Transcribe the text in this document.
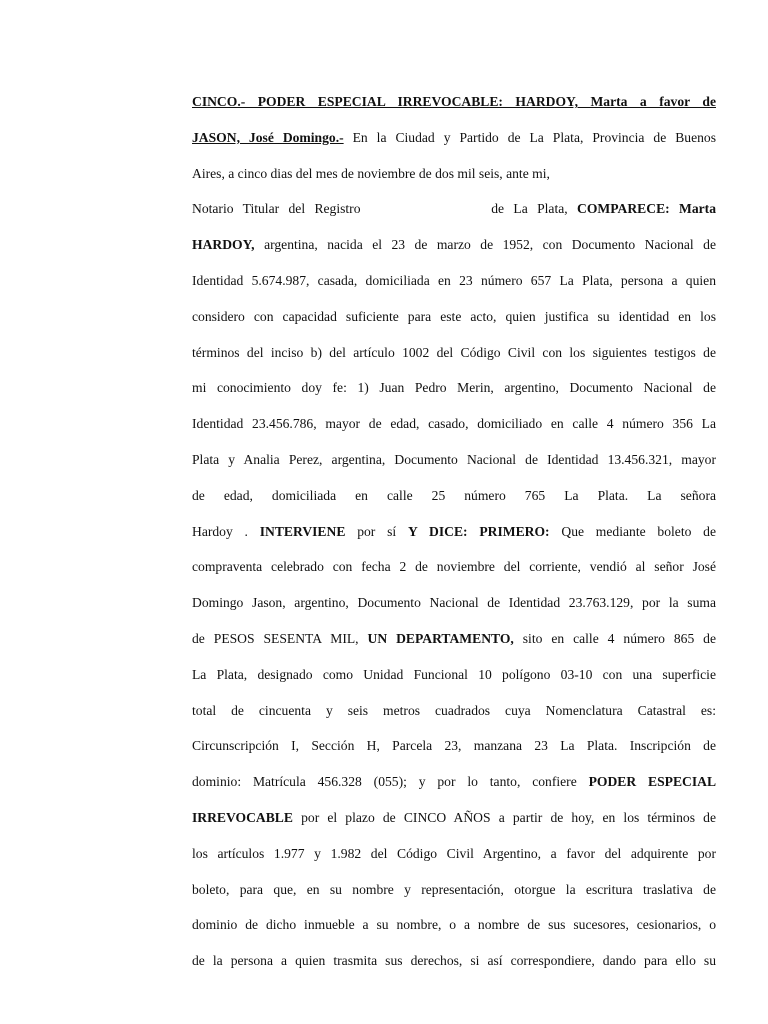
CINCO.- PODER ESPECIAL IRREVOCABLE: HARDOY, Marta a favor de
JASON, José Domingo.- En la Ciudad y Partido de La Plata, Provincia de Buenos
Aires, a cinco dias del mes de noviembre de dos mil seis, ante mi,
Notario Titular del Registro	de La Plata, COMPARECE: Marta
HARDOY, argentina, nacida el 23 de marzo de 1952, con Documento Nacional de
Identidad 5.674.987, casada, domiciliada en 23 número 657 La Plata, persona a quien
considero con capacidad suficiente para este acto, quien justifica su identidad en los
términos del inciso b) del artículo 1002 del Código Civil con los siguientes testigos de
mi conocimiento doy fe: 1) Juan Pedro Merin, argentino, Documento Nacional de
Identidad 23.456.786, mayor de edad, casado, domiciliado en calle 4 número 356 La
Plata y Analia Perez, argentina, Documento Nacional de Identidad 13.456.321, mayor
de edad, domiciliada en calle 25 número 765 La Plata. La señora
Hardoy . INTERVIENE por sí Y DICE: PRIMERO: Que mediante boleto de
compraventa celebrado con fecha 2 de noviembre del corriente, vendió al señor José
Domingo Jason, argentino, Documento Nacional de Identidad 23.763.129, por la suma
de PESOS SESENTA MIL, UN DEPARTAMENTO, sito en calle 4 número 865 de
La Plata, designado como Unidad Funcional 10 polígono 03-10 con una superficie
total de cincuenta y seis metros cuadrados cuya Nomenclatura Catastral es:
Circunscripción I, Sección H, Parcela 23, manzana 23 La Plata. Inscripción de
dominio: Matrícula 456.328 (055); y por lo tanto, confiere PODER ESPECIAL
IRREVOCABLE por el plazo de CINCO AÑOS a partir de hoy, en los términos de
los artículos 1.977 y 1.982 del Código Civil Argentino, a favor del adquirente por
boleto, para que, en su nombre y representación, otorgue la escritura traslativa de
dominio de dicho inmueble a su nombre, o a nombre de sus sucesores, cesionarios, o
de la persona a quien trasmita sus derechos, si así correspondiere, dando para ello su
